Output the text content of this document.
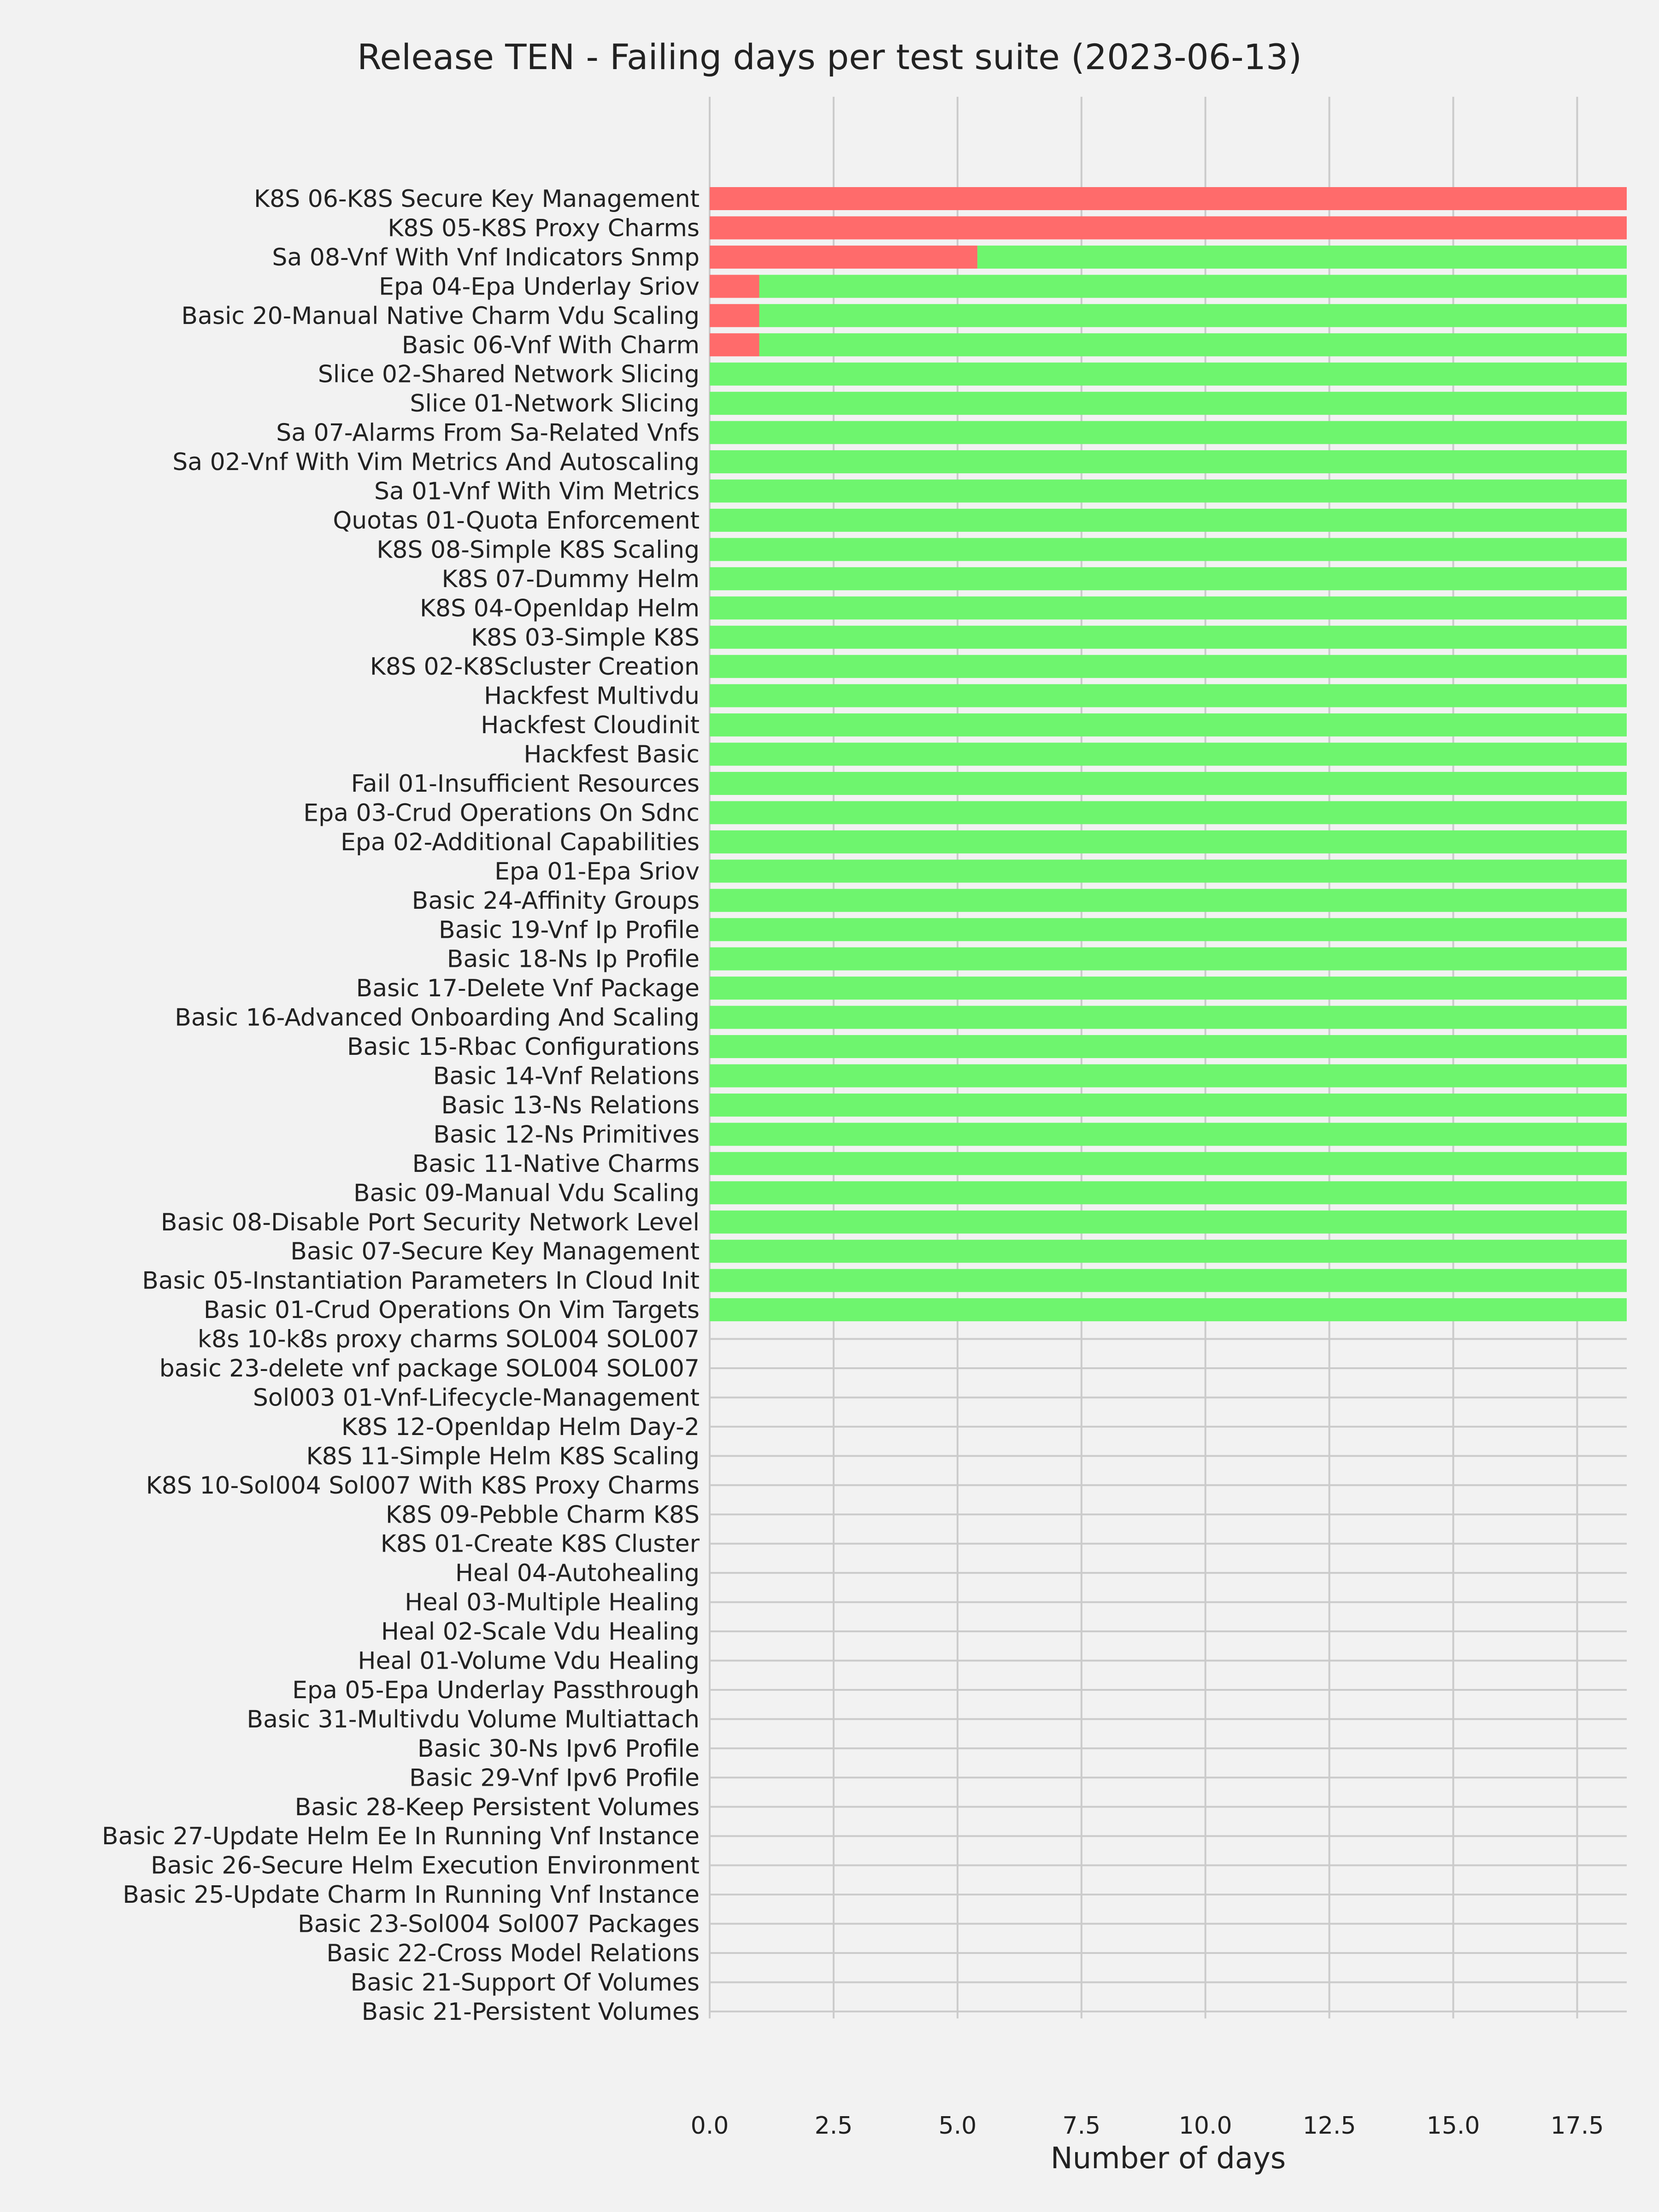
Release TEN - Failing days per test suite (2023-06-13)
K8S 06-K8S Secure Key Management
K8S 05-K8S Proxy Charms
Sa 08-Vnf With Vnf Indicators Snmp
Epa 04-Epa Underlay Sriov
Basic 20-Manual Native Charm Vdu Scaling
Basic 06-Vnf With Charm
Slice 02-Shared Network Slicing
Slice 01-Network Slicing
Sa 07-Alarms From Sa-Related Vnfs
Sa 02-Vnf With Vim Metrics And Autoscaling
Sa 01-Vnf With Vim Metrics
Quotas 01-Quota Enforcement
K8S 08-Simple K8S Scaling
K8S 07-Dummy Helm
K8S 04-Openldap Helm
K8S 03-Simple K8S
K8S 02-K8Scluster Creation
Hackfest Multivdu
Hackfest Cloudinit
Hackfest Basic
Fail 01-Insufficient Resources
Epa 03-Crud Operations On Sdnc
Epa 02-Additional Capabilities
Epa 01-Epa Sriov
Basic 24-Affinity Groups
Basic 19-Vnf Ip Profile
Basic 18-Ns Ip Profile
Basic 17-Delete Vnf Package
Basic 16-Advanced Onboarding And Scaling
Basic 15-Rbac Configurations
Basic 14-Vnf Relations
Basic 13-Ns Relations
Basic 12-Ns Primitives
Basic 11-Native Charms
Basic 09-Manual Vdu Scaling
Basic 08-Disable Port Security Network Level
Basic 07-Secure Key Management
Basic 05-Instantiation Parameters In Cloud Init
Basic 01-Crud Operations On Vim Targets
k8s 10-k8s proxy charms SOL004 SOL007
basic 23-delete vnf package SOL004 SOL007
Sol003 01-Vnf-Lifecycle-Management
K8S 12-Openldap Helm Day-2
K8S 11-Simple Helm K8S Scaling
K8S 10-Sol004 Sol007 With K8S Proxy Charms
K8S 09-Pebble Charm K8S
K8S 01-Create K8S Cluster
Heal 04-Autohealing
Heal 03-Multiple Healing
Heal 02-Scale Vdu Healing
Heal 01-Volume Vdu Healing
Epa 05-Epa Underlay Passthrough
Basic 31-Multivdu Volume Multiattach
Basic 30-Ns Ipv6 Profile
Basic 29-Vnf Ipv6 Profile
Basic 28-Keep Persistent Volumes
Basic 27-Update Helm Ee In Running Vnf Instance
Basic 26-Secure Helm Execution Environment
Basic 25-Update Charm In Running Vnf Instance
Basic 23-Sol004 Sol007 Packages
Basic 22-Cross Model Relations
Basic 21-Support Of Volumes
Basic 21-Persistent Volumes
0.0	2.5	5.0	7.5	10.0	12.5	15.0	17.5
Number of days
